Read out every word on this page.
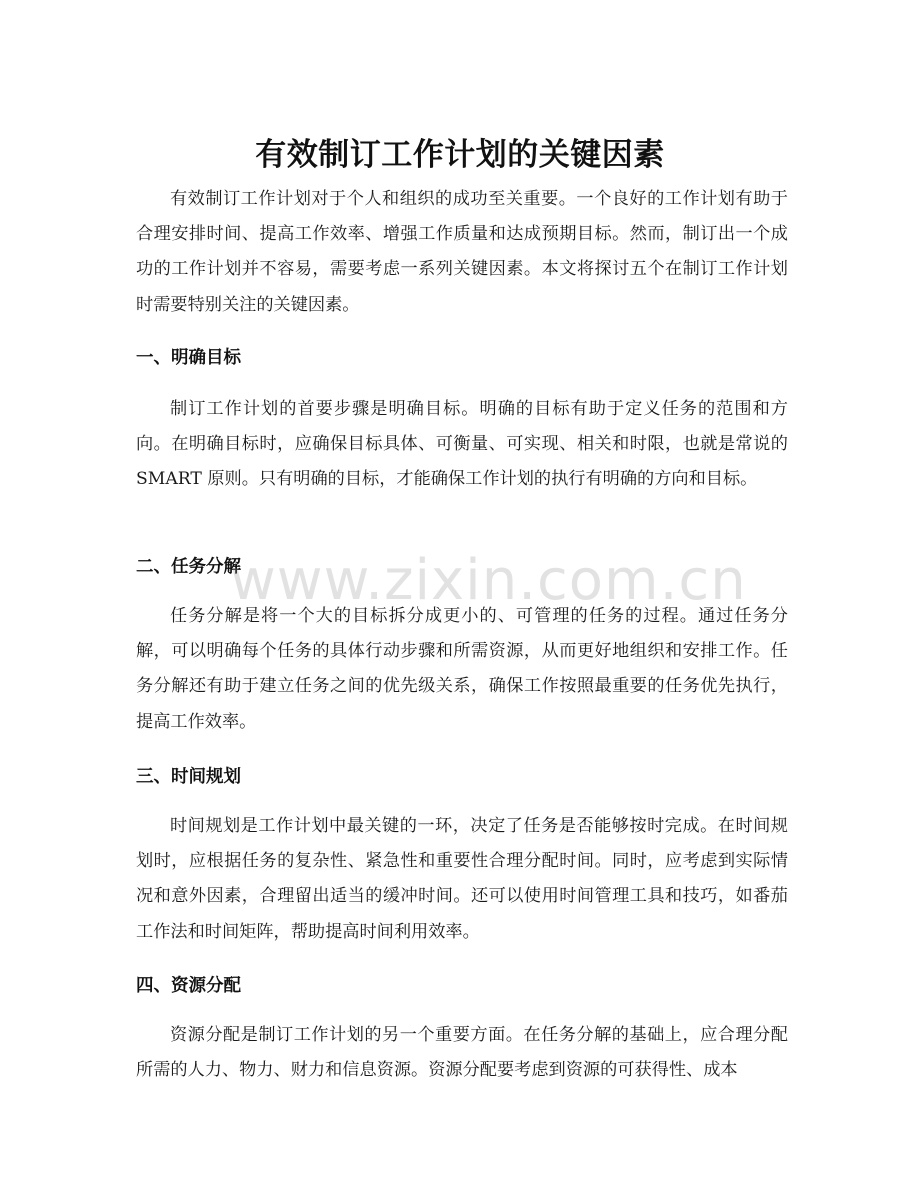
有效制订工作计划的关键因素

有效制订工作计划对于个人和组织的成功至关重要。一个良好的工作计划有助于合理安排时间、提高工作效率、增强工作质量和达成预期目标。然而，制订出一个成功的工作计划并不容易，需要考虑一系列关键因素。本文将探讨五个在制订工作计划时需要特别关注的关键因素。

一、明确目标

制订工作计划的首要步骤是明确目标。明确的目标有助于定义任务的范围和方向。在明确目标时，应确保目标具体、可衡量、可实现、相关和时限，也就是常说的 SMART 原则。只有明确的目标，才能确保工作计划的执行有明确的方向和目标。

二、任务分解

任务分解是将一个大的目标拆分成更小的、可管理的任务的过程。通过任务分解，可以明确每个任务的具体行动步骤和所需资源，从而更好地组织和安排工作。任务分解还有助于建立任务之间的优先级关系，确保工作按照最重要的任务优先执行，提高工作效率。

三、时间规划

时间规划是工作计划中最关键的一环，决定了任务是否能够按时完成。在时间规划时，应根据任务的复杂性、紧急性和重要性合理分配时间。同时，应考虑到实际情况和意外因素，合理留出适当的缓冲时间。还可以使用时间管理工具和技巧，如番茄工作法和时间矩阵，帮助提高时间利用效率。

四、资源分配

资源分配是制订工作计划的另一个重要方面。在任务分解的基础上，应合理分配所需的人力、物力、财力和信息资源。资源分配要考虑到资源的可获得性、成本

www.zixin.com.cn
